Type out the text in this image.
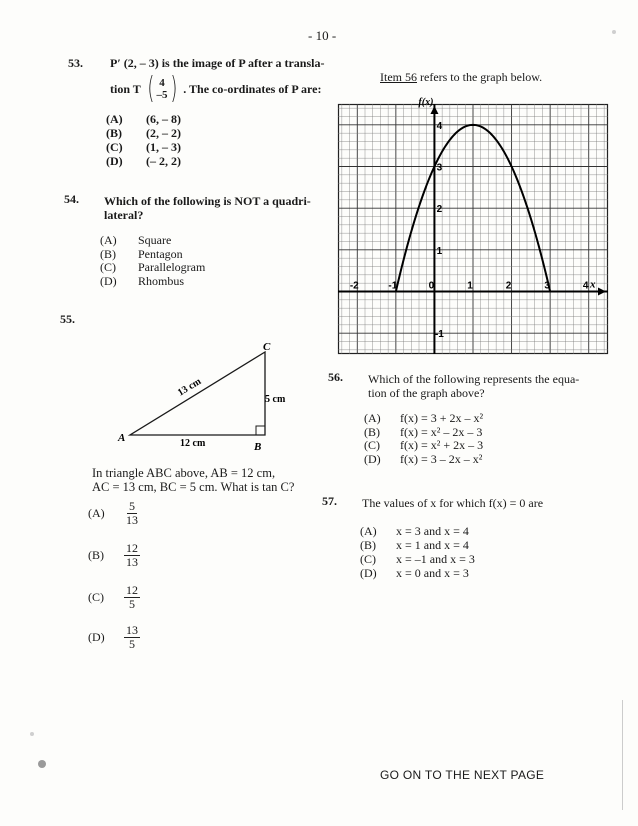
- 10 -
53. P′ (2, – 3) is the image of P after a transla-
tion T ( 4
–5 ) . The co-ordinates of P are:
(A) (6, – 8)
(B) (2, – 2)
(C) (1, – 3)
(D) (– 2, 2)
54. Which of the following is NOT a quadri-
lateral?
(A) Square
(B) Pentagon
(C) Parallelogram
(D) Rhombus
55.
A
B
C
13 cm
12 cm
5 cm
In triangle ABC above, AB = 12 cm,
AC = 13 cm, BC = 5 cm. What is tan C?
(A)	$\frac{5}{13}$
(B)	$\frac{12}{13}$
(C)	$\frac{12}{5}$
(D)	$\frac{13}{5}$
Item 56 refers to the graph below.
-2	-1	0	1	2	3	4
4
3
2
1
-1
f(x)
x
56. Which of the following represents the equa-
tion of the graph above?
(A) f(x) = 3 + 2x – x²
(B) f(x) = x² – 2x – 3
(C) f(x) = x² + 2x – 3
(D) f(x) = 3 – 2x – x²
57. The values of x for which f(x) = 0 are
(A) x = 3 and x = 4
(B) x = 1 and x = 4
(C) x = –1 and x = 3
(D) x = 0 and x = 3
GO ON TO THE NEXT PAGE
